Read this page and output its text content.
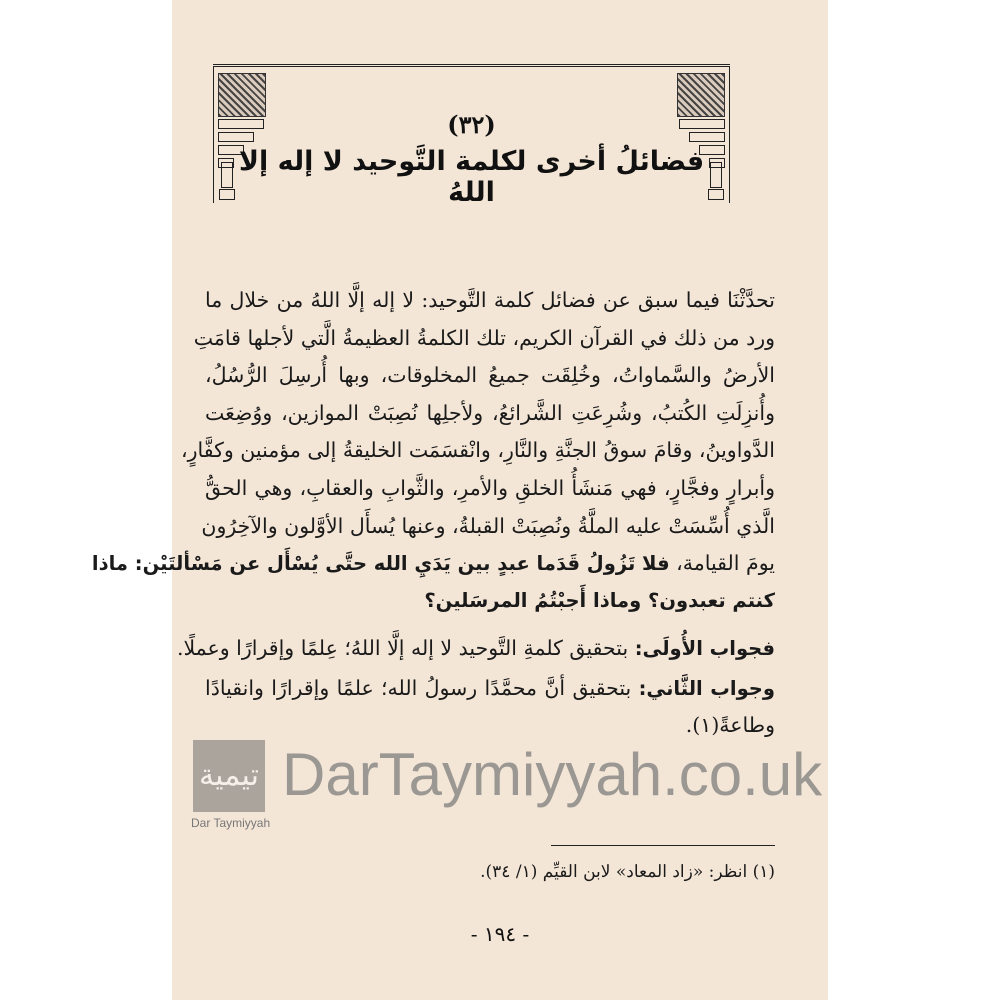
(٣٢)
فضائلُ أخرى لكلمة التَّوحيد لا إله إلا اللهُ
تحدَّثْنَا فيما سبق عن فضائل كلمة التَّوحيد: لا إله إلَّا اللهُ من خلال ما
ورد من ذلك في القرآن الكريم، تلك الكلمةُ العظيمةُ الَّتي لأجلها قامَتِ
الأرضُ والسَّماواتُ، وخُلِقَت جميعُ المخلوقات، وبها أُرسِلَ الرُّسُلُ،
وأُنزِلَتِ الكُتبُ، وشُرِعَتِ الشَّرائعُ، ولأجلِها نُصِبَتْ الموازين، ووُضِعَت
الدَّواوينُ، وقامَ سوقُ الجنَّةِ والنَّارِ، وانْقسَمَت الخليقةُ إلى مؤمنين وكفَّارٍ،
وأبرارٍ وفجَّارٍ، فهي مَنشَأُ الخلقِ والأمرِ، والثَّوابِ والعقابِ، وهي الحقُّ
الَّذي أُسِّسَتْ عليه الملَّةُ ونُصِبَتْ القبلةُ، وعنها يُسأَل الأوَّلون والآخِرُون
يومَ القيامة، فلا تَزُولُ قَدَما عبدٍ بين يَدَيِ الله حتَّى يُسْأَل عن مَسْألتَيْن: ماذا
كنتم تعبدون؟ وماذا أَجبْتُمُ المرسَلين؟
فجواب الأُولَى: بتحقيق كلمةِ التَّوحيد لا إله إلَّا اللهُ؛ عِلمًا وإقرارًا وعملًا.
وجواب الثَّاني: بتحقيق أنَّ محمَّدًا رسولُ الله؛ علمًا وإقرارًا وانقيادًا
وطاعةً(١).
(١) انظر: «زاد المعاد» لابن القيِّم (١/ ٣٤).
- ١٩٤ -
تيمية
Dar Taymiyyah
DarTaymiyyah.co.uk
